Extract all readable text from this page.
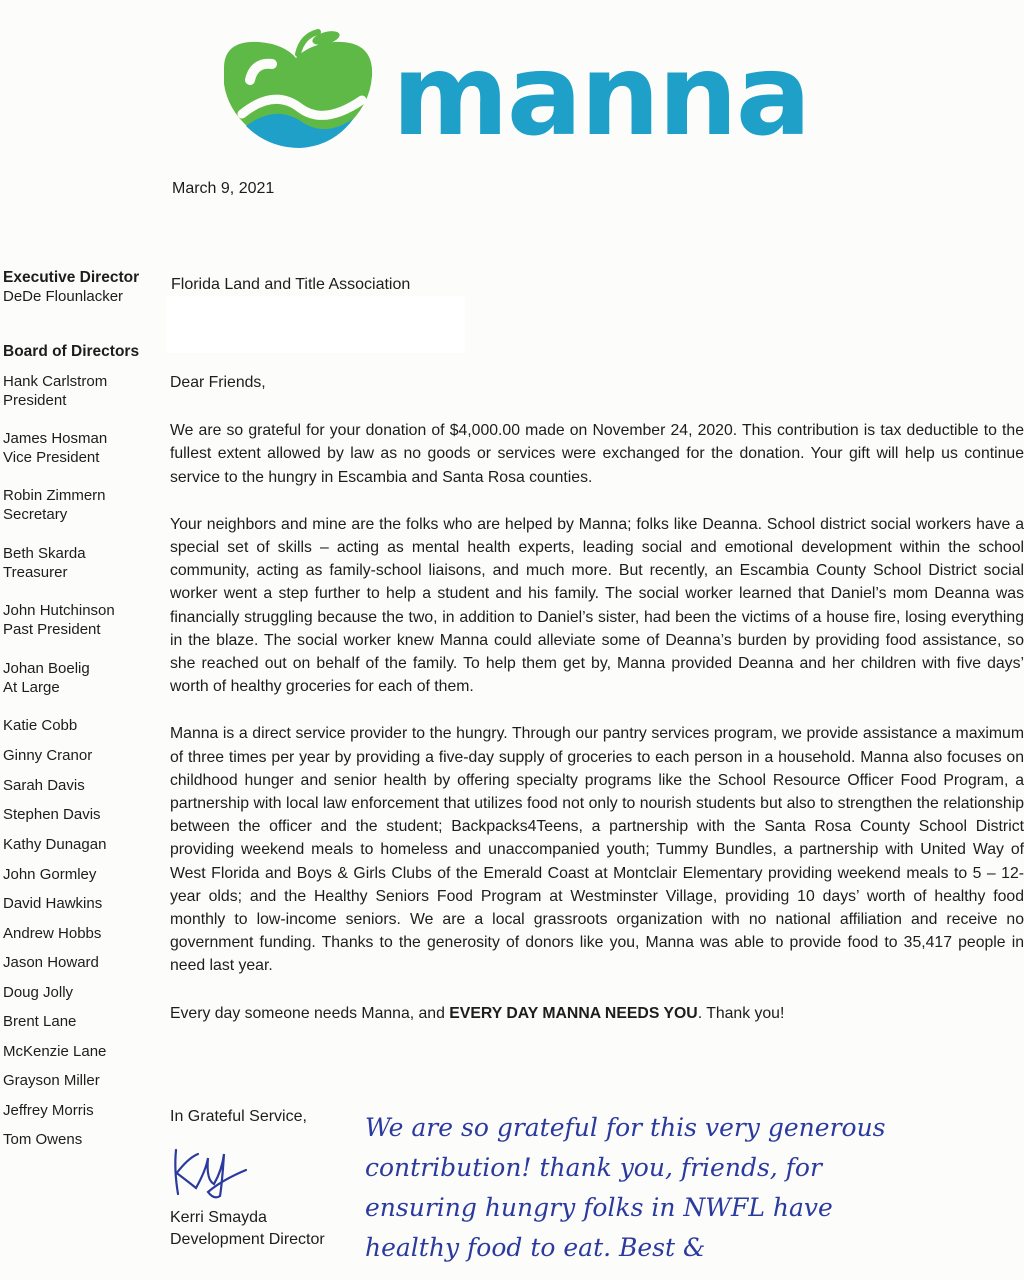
manna
March 9, 2021
Executive Director
DeDe Flounlacker
Board of Directors
Hank Carlstrom
President
James Hosman
Vice President
Robin Zimmern
Secretary
Beth Skarda
Treasurer
John Hutchinson
Past President
Johan Boelig
At Large
Katie Cobb
Ginny Cranor
Sarah Davis
Stephen Davis
Kathy Dunagan
John Gormley
David Hawkins
Andrew Hobbs
Jason Howard
Doug Jolly
Brent Lane
McKenzie Lane
Grayson Miller
Jeffrey Morris
Tom Owens
Florida Land and Title Association

Dear Friends,

We are so grateful for your donation of $4,000.00 made on November 24, 2020. This contribution is tax deductible to the fullest extent allowed by law as no goods or services were exchanged for the donation. Your gift will help us continue service to the hungry in Escambia and Santa Rosa counties.

Your neighbors and mine are the folks who are helped by Manna; folks like Deanna. School district social workers have a special set of skills – acting as mental health experts, leading social and emotional development within the school community, acting as family-school liaisons, and much more. But recently, an Escambia County School District social worker went a step further to help a student and his family. The social worker learned that Daniel’s mom Deanna was financially struggling because the two, in addition to Daniel’s sister, had been the victims of a house fire, losing everything in the blaze. The social worker knew Manna could alleviate some of Deanna’s burden by providing food assistance, so she reached out on behalf of the family. To help them get by, Manna provided Deanna and her children with five days’ worth of healthy groceries for each of them.

Manna is a direct service provider to the hungry. Through our pantry services program, we provide assistance a maximum of three times per year by providing a five-day supply of groceries to each person in a household. Manna also focuses on childhood hunger and senior health by offering specialty programs like the School Resource Officer Food Program, a partnership with local law enforcement that utilizes food not only to nourish students but also to strengthen the relationship between the officer and the student; Backpacks4Teens, a partnership with the Santa Rosa County School District providing weekend meals to homeless and unaccompanied youth; Tummy Bundles, a partnership with United Way of West Florida and Boys & Girls Clubs of the Emerald Coast at Montclair Elementary providing weekend meals to 5 – 12-year olds; and the Healthy Seniors Food Program at Westminster Village, providing 10 days’ worth of healthy food monthly to low-income seniors. We are a local grassroots organization with no national affiliation and receive no government funding. Thanks to the generosity of donors like you, Manna was able to provide food to 35,417 people in need last year.

Every day someone needs Manna, and EVERY DAY MANNA NEEDS YOU. Thank you!

In Grateful Service,
Kerri Smayda
Development Director
We are so grateful for this very generous
contribution! thank you, friends, for
ensuring hungry folks in NWFL have
healthy food to eat. Best &
